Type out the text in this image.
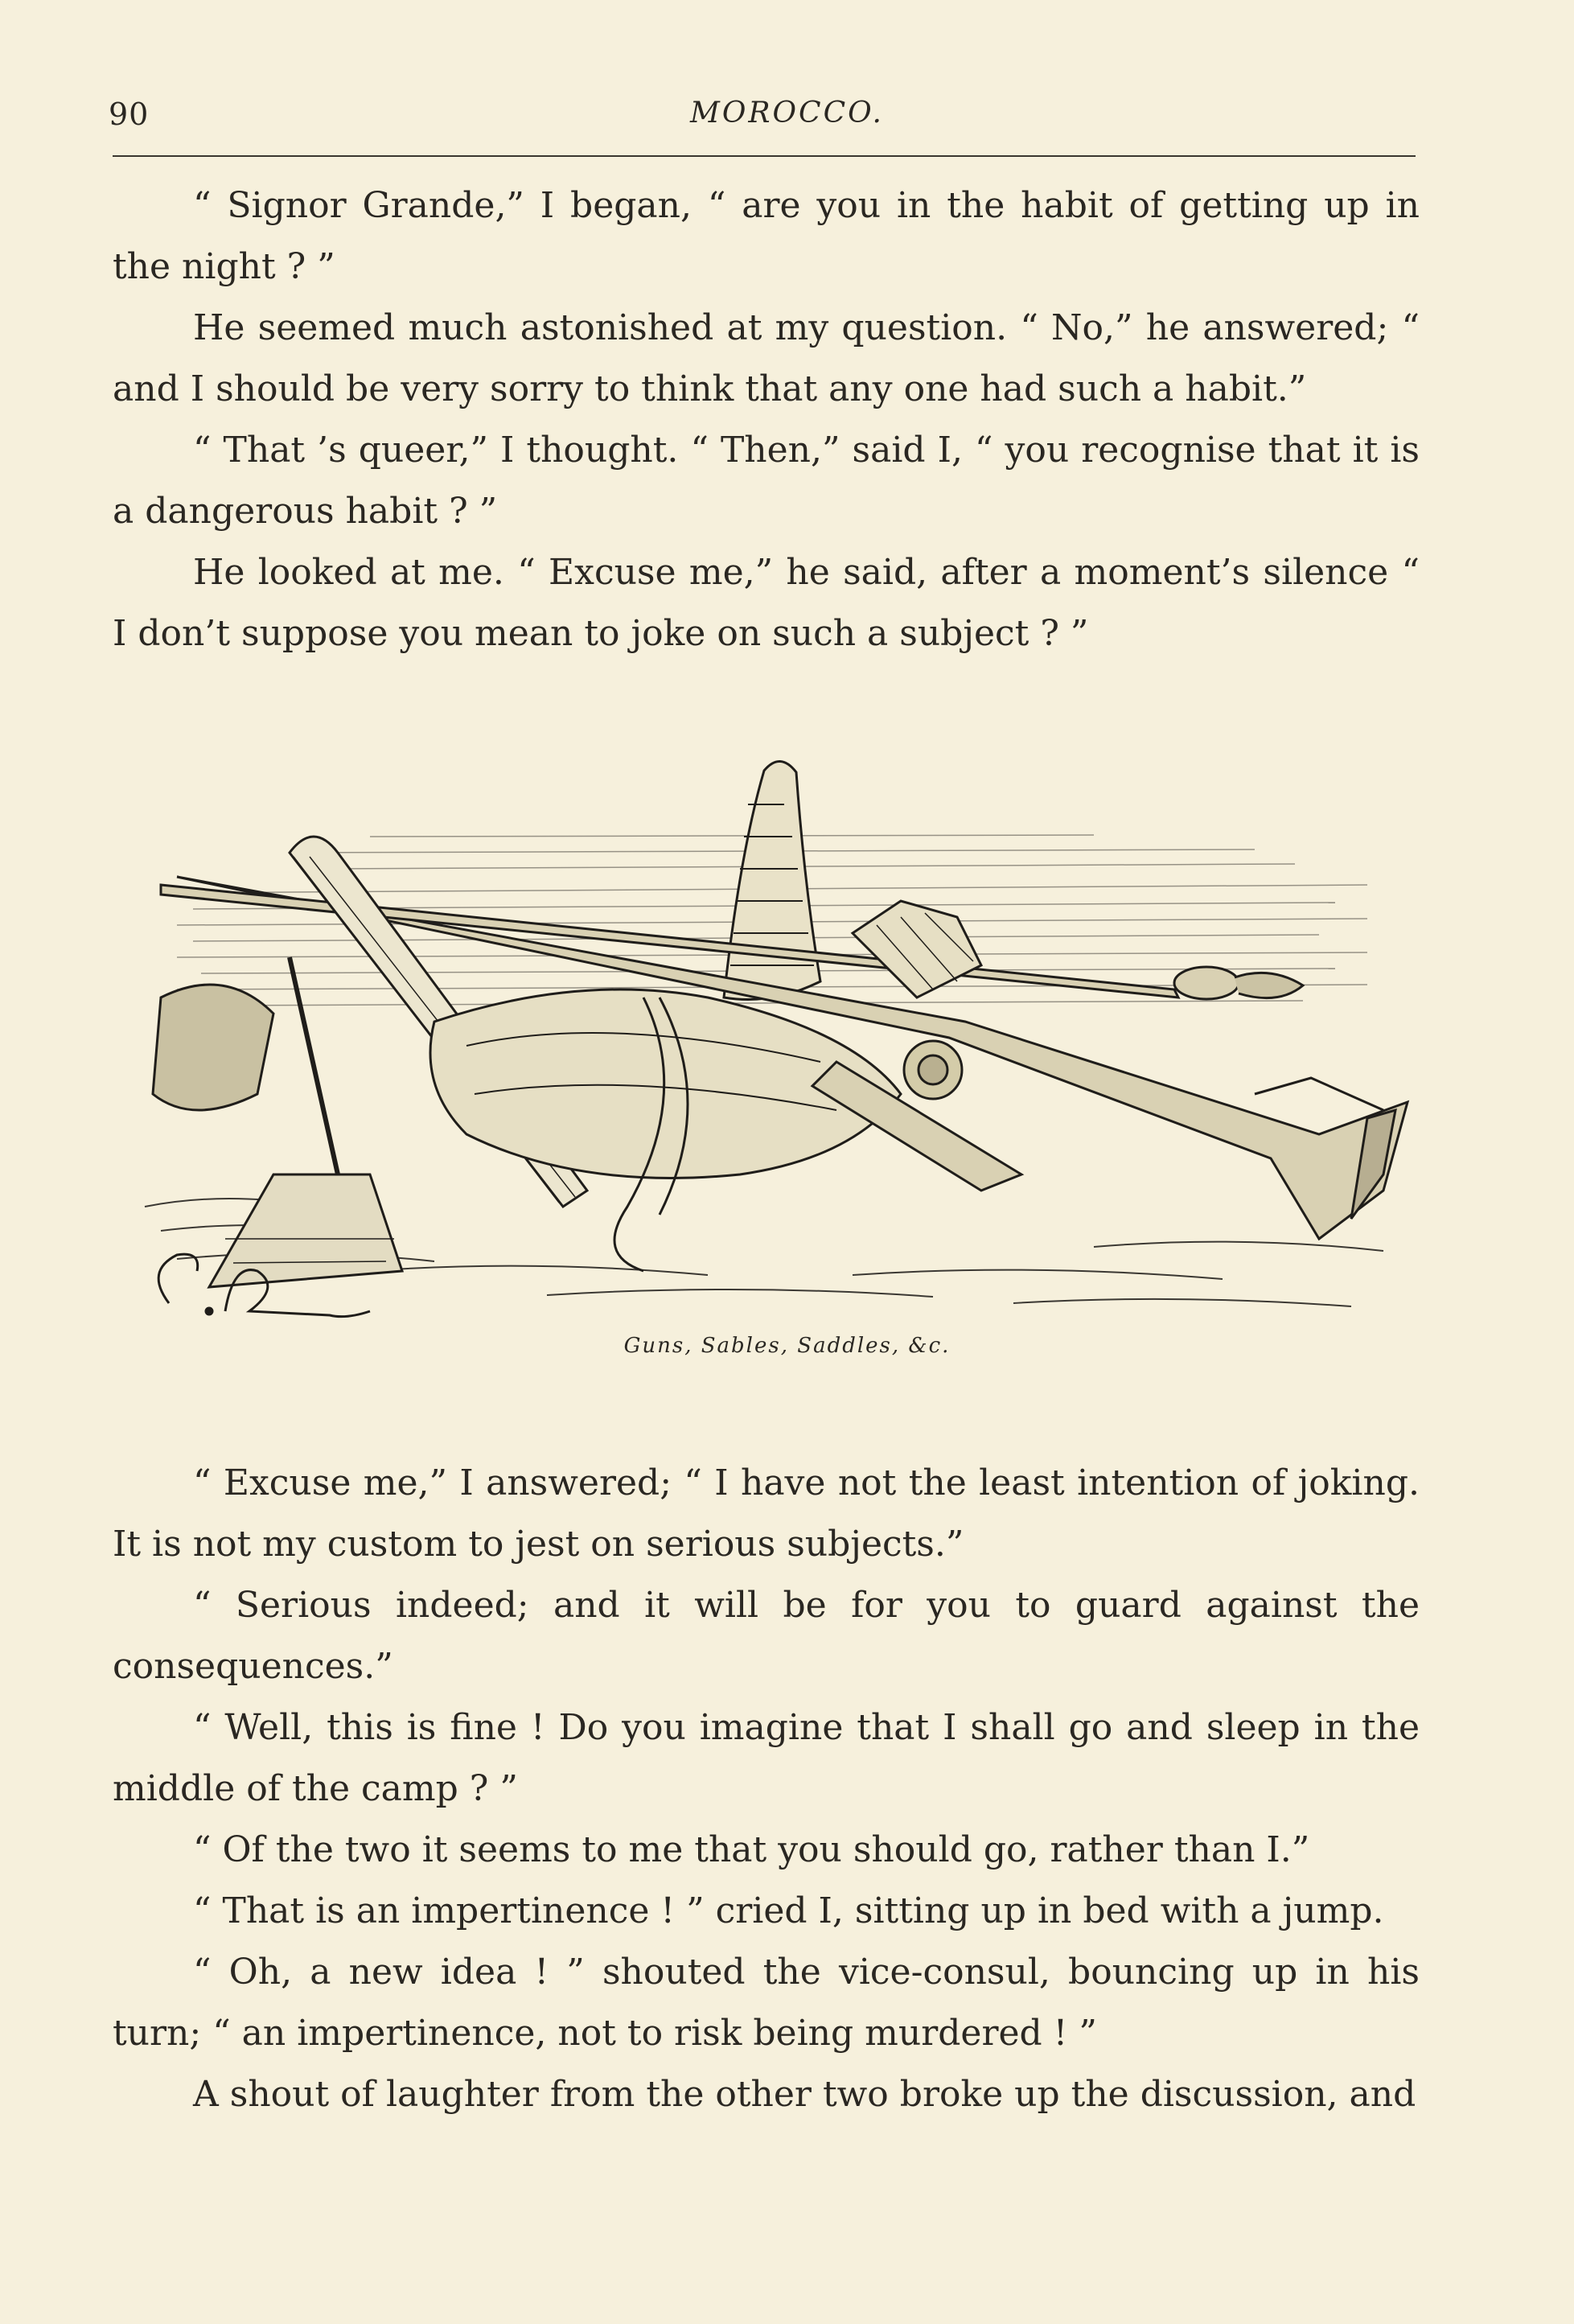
90	MOROCCO.

“ Signor Grande,” I began, “ are you in the habit of getting up in the night ? ”

He seemed much astonished at my question. “ No,” he answered; “ and I should be very sorry to think that any one had such a habit.”

“ That ’s queer,” I thought. “ Then,” said I, “ you recognise that it is a dangerous habit ? ”

He looked at me. “ Excuse me,” he said, after a moment’s silence “ I don’t suppose you mean to joke on such a subject ? ”

Guns, Sables, Saddles, &c.

“ Excuse me,” I answered; “ I have not the least intention of joking. It is not my custom to jest on serious subjects.”

“ Serious indeed; and it will be for you to guard against the consequences.”

“ Well, this is fine ! Do you imagine that I shall go and sleep in the middle of the camp ? ”

“ Of the two it seems to me that you should go, rather than I.”

“ That is an impertinence ! ” cried I, sitting up in bed with a jump.

“ Oh, a new idea ! ” shouted the vice-consul, bouncing up in his turn; “ an impertinence, not to risk being murdered ! ”

A shout of laughter from the other two broke up the discussion, and
